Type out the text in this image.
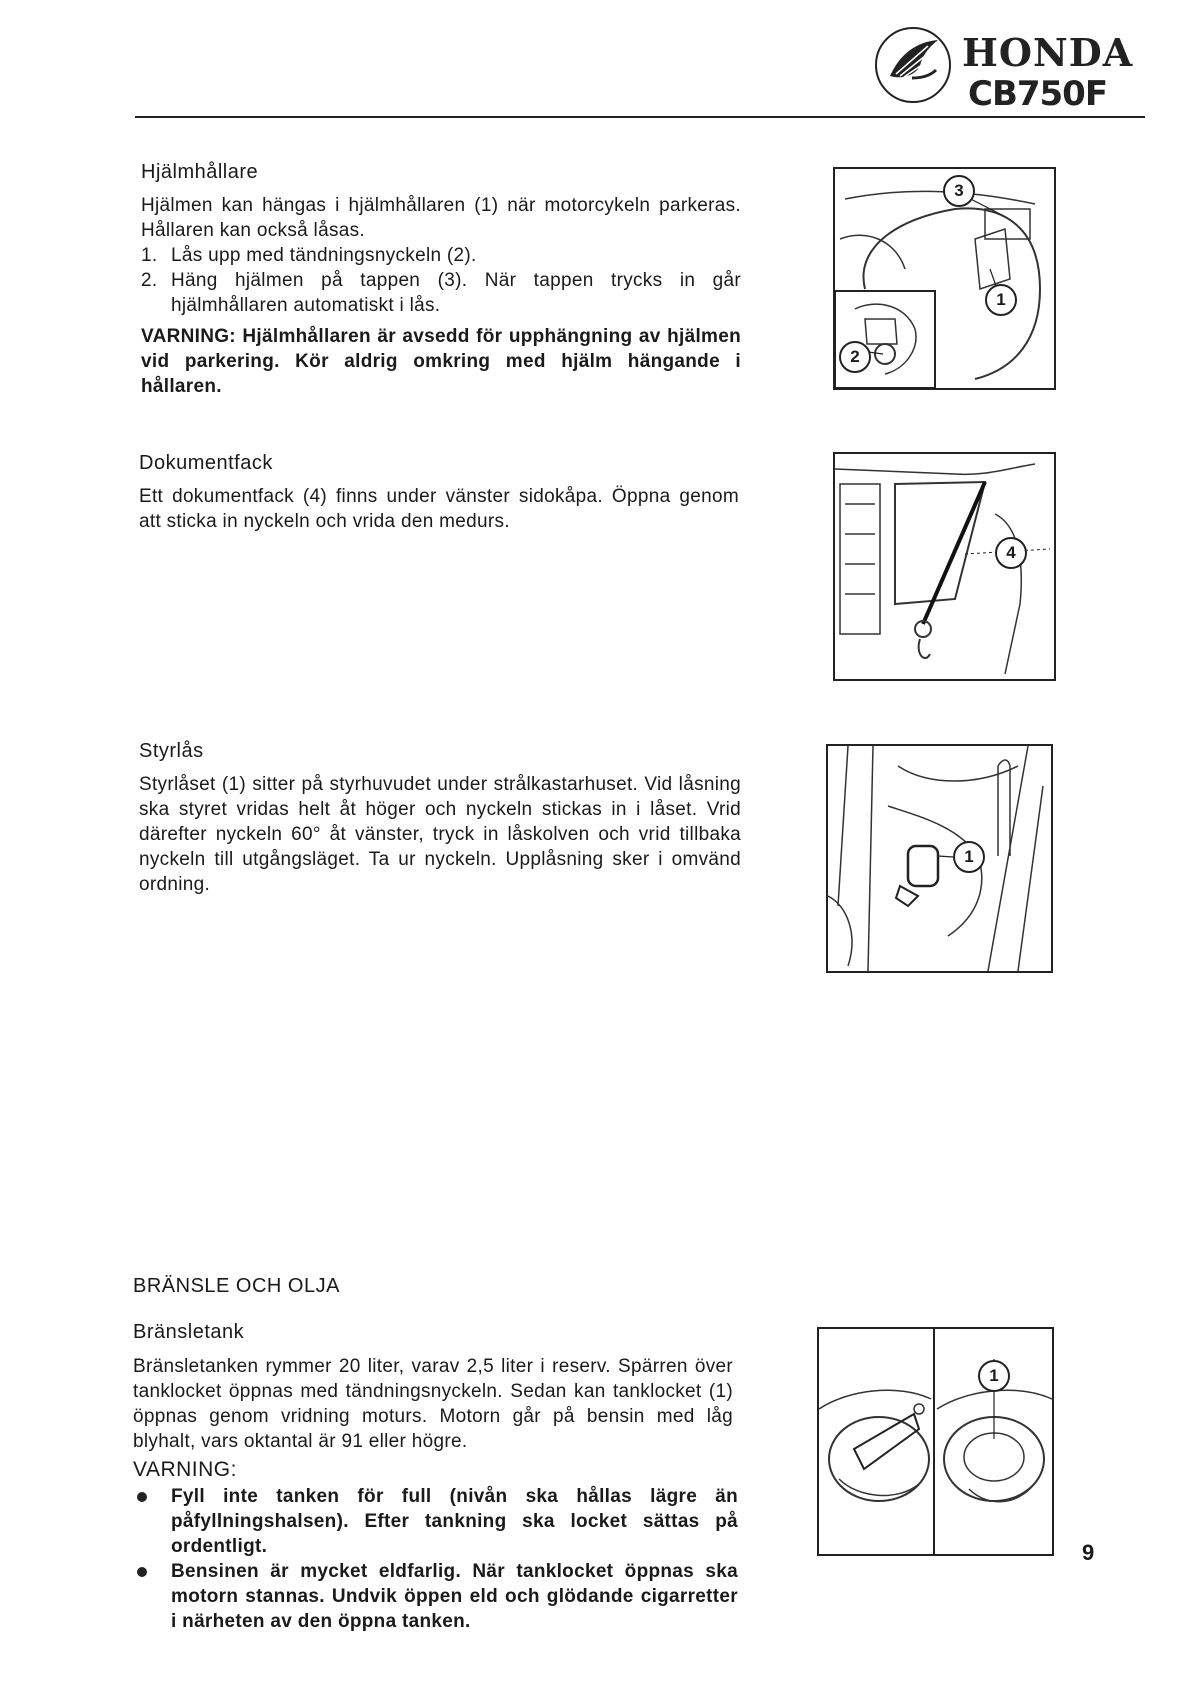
HONDA
CB750F
Hjälmhållare
Hjälmen kan hängas i hjälmhållaren (1) när motorcykeln parkeras. Hållaren kan också låsas.
1. Lås upp med tändningsnyckeln (2).
2. Häng hjälmen på tappen (3). När tappen trycks in går hjälmhållaren automatiskt i lås.
VARNING: Hjälmhållaren är avsedd för upphängning av hjälmen vid parkering. Kör aldrig omkring med hjälm hängande i hållaren.
3
1
2
Dokumentfack
Ett dokumentfack (4) finns under vänster sidokåpa. Öppna genom att sticka in nyckeln och vrida den medurs.
4
Styrlås
Styrlåset (1) sitter på styrhuvudet under strålkastarhuset. Vid låsning ska styret vridas helt åt höger och nyckeln stickas in i låset. Vrid därefter nyckeln 60° åt vänster, tryck in låskolven och vrid tillbaka nyckeln till utgångsläget. Ta ur nyckeln. Upplåsning sker i omvänd ordning.
1
BRÄNSLE OCH OLJA
Bränsletank
Bränsletanken rymmer 20 liter, varav 2,5 liter i reserv. Spärren över tanklocket öppnas med tändningsnyckeln. Sedan kan tanklocket (1) öppnas genom vridning moturs. Motorn går på bensin med låg blyhalt, vars oktantal är 91 eller högre.
VARNING:
Fyll inte tanken för full (nivån ska hållas lägre än påfyllningshalsen). Efter tankning ska locket sättas på ordentligt.
Bensinen är mycket eldfarlig. När tanklocket öppnas ska motorn stannas. Undvik öppen eld och glödande cigarretter i närheten av den öppna tanken.
1
9
